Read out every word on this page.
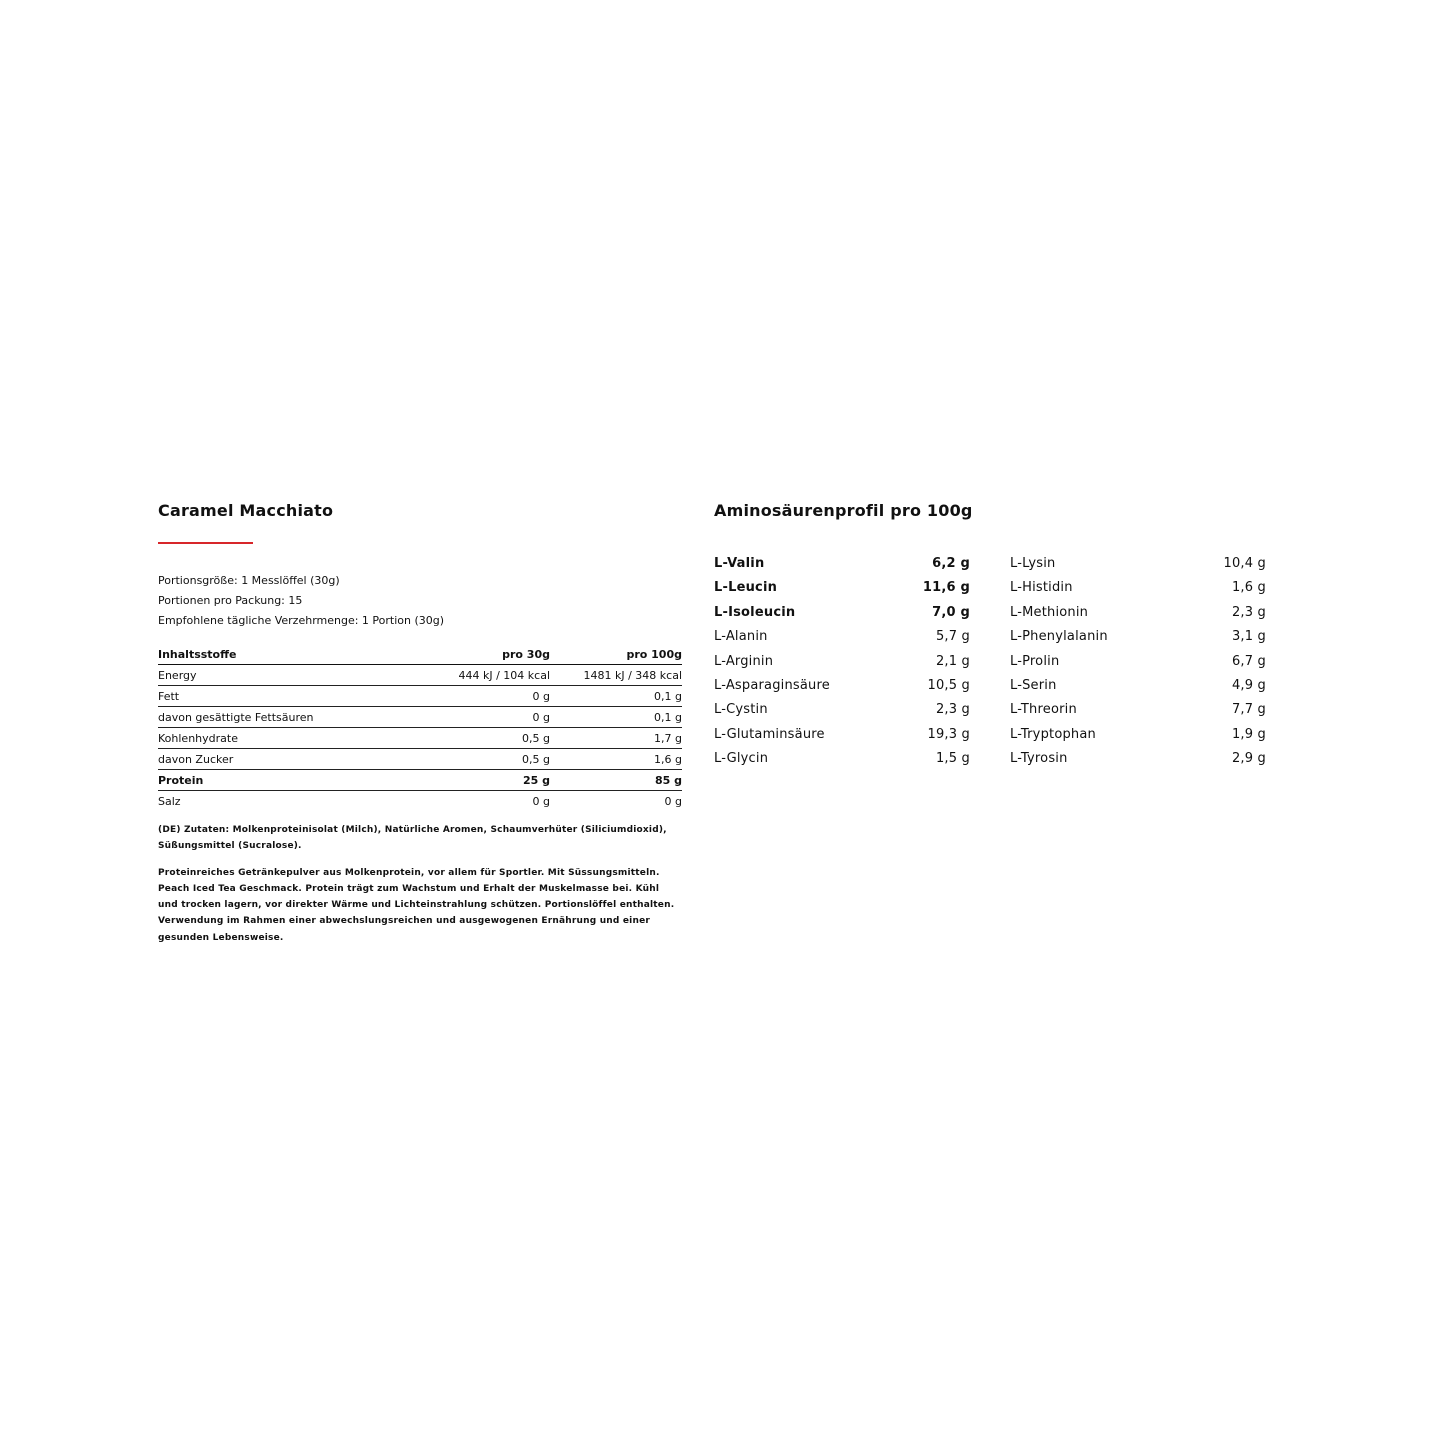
Caramel Macchiato
Portionsgröße: 1 Messlöffel (30g)
Portionen pro Packung: 15
Empfohlene tägliche Verzehrmenge: 1 Portion (30g)
Inhaltsstoffe	pro 30g	pro 100g
Energy	444 kJ / 104 kcal	1481 kJ / 348 kcal
Fett	0 g	0,1 g
davon gesättigte Fettsäuren	0 g	0,1 g
Kohlenhydrate	0,5 g	1,7 g
davon Zucker	0,5 g	1,6 g
Protein	25 g	85 g
Salz	0 g	0 g

(DE) Zutaten: Molkenproteinisolat (Milch), Natürliche Aromen, Schaumverhüter (Siliciumdioxid), Süßungsmittel (Sucralose).

Proteinreiches Getränkepulver aus Molkenprotein, vor allem für Sportler. Mit Süssungsmitteln. Peach Iced Tea Geschmack. Protein trägt zum Wachstum und Erhalt der Muskelmasse bei. Kühl und trocken lagern, vor direkter Wärme und Lichteinstrahlung schützen. Portionslöffel enthalten. Verwendung im Rahmen einer abwechslungsreichen und ausgewogenen Ernährung und einer gesunden Lebensweise.

Aminosäurenprofil pro 100g
L-Valin	6,2 g
L-Leucin	11,6 g
L-Isoleucin	7,0 g
L-Alanin	5,7 g
L-Arginin	2,1 g
L-Asparaginsäure	10,5 g
L-Cystin	2,3 g
L-Glutaminsäure	19,3 g
L-Glycin	1,5 g
L-Lysin	10,4 g
L-Histidin	1,6 g
L-Methionin	2,3 g
L-Phenylalanin	3,1 g
L-Prolin	6,7 g
L-Serin	4,9 g
L-Threorin	7,7 g
L-Tryptophan	1,9 g
L-Tyrosin	2,9 g
